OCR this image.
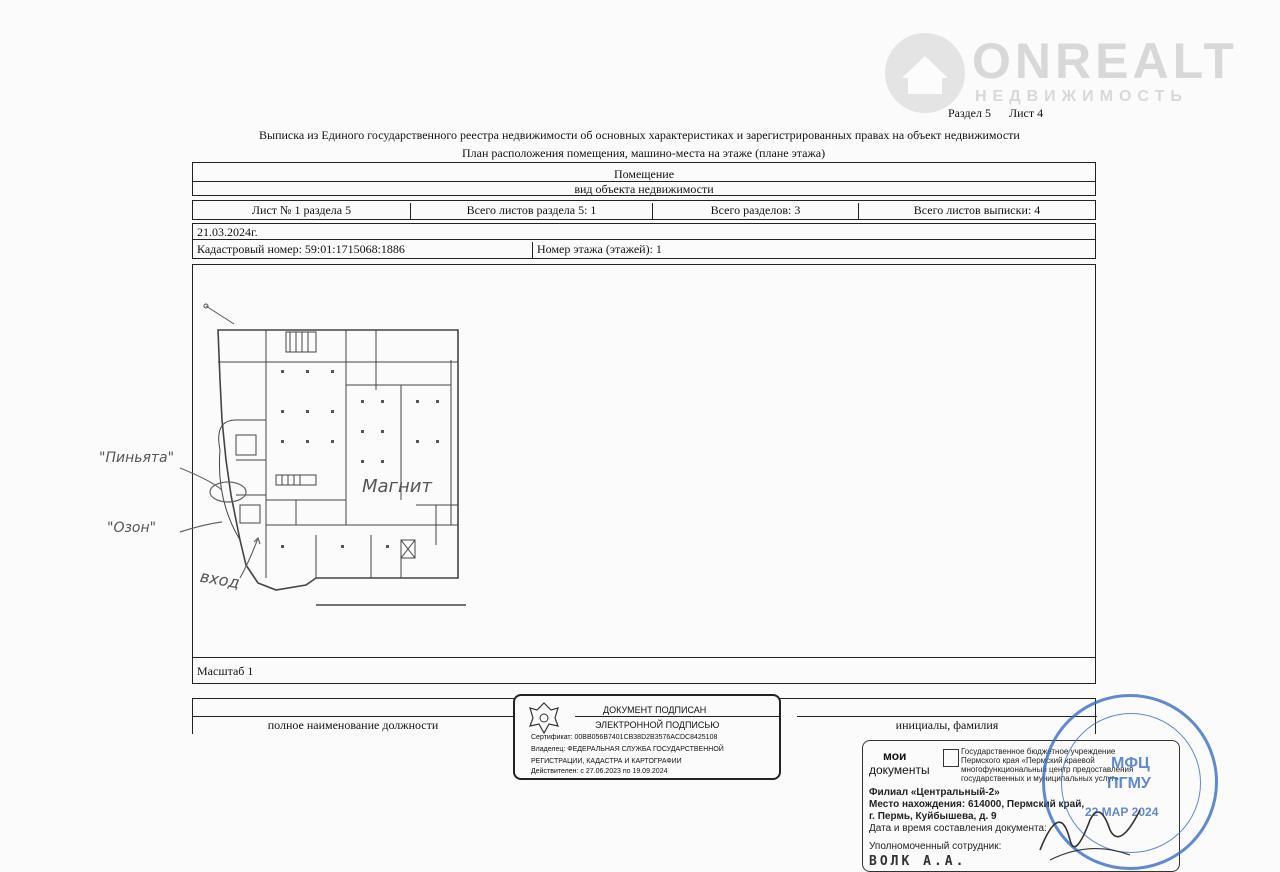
ONREALT
НЕДВИЖИМОСТЬ
Раздел 5      Лист 4
Выписка из Единого государственного реестра недвижимости об основных характеристиках и зарегистрированных правах на объект недвижимости
План расположения помещения, машино-места на этаже (плане этажа)
Помещение
вид объекта недвижимости
Лист № 1 раздела 5	Всего листов раздела 5: 1	Всего разделов: 3	Всего листов выписки: 4
21.03.2024г.
Кадастровый номер: 59:01:1715068:1886	Номер этажа (этажей): 1
Масштаб 1
"Пиньята"
"Озон"
Магнит
вход
полное наименование должности	инициалы, фамилия
ДОКУМЕНТ ПОДПИСАН
ЭЛЕКТРОННОЙ ПОДПИСЬЮ
Сертификат: 00BB056B7401CB38D2B3576ACDC8425108
Владелец: ФЕДЕРАЛЬНАЯ СЛУЖБА ГОСУДАРСТВЕННОЙ
РЕГИСТРАЦИИ, КАДАСТРА И КАРТОГРАФИИ
Действителен: с 27.06.2023 по 19.09.2024
мои
документы
Государственное бюджетное учреждение
Пермского края «Пермский краевой
многофункциональный центр предоставления
государственных и муниципальных услуг»
Филиал «Центральный-2»
Место нахождения: 614000, Пермский край,
г. Пермь, Куйбышева, д. 9
Дата и время составления документа:
Уполномоченный сотрудник:
ВОЛК А.А.
МФЦ
ПГМУ
22 МАР 2024
